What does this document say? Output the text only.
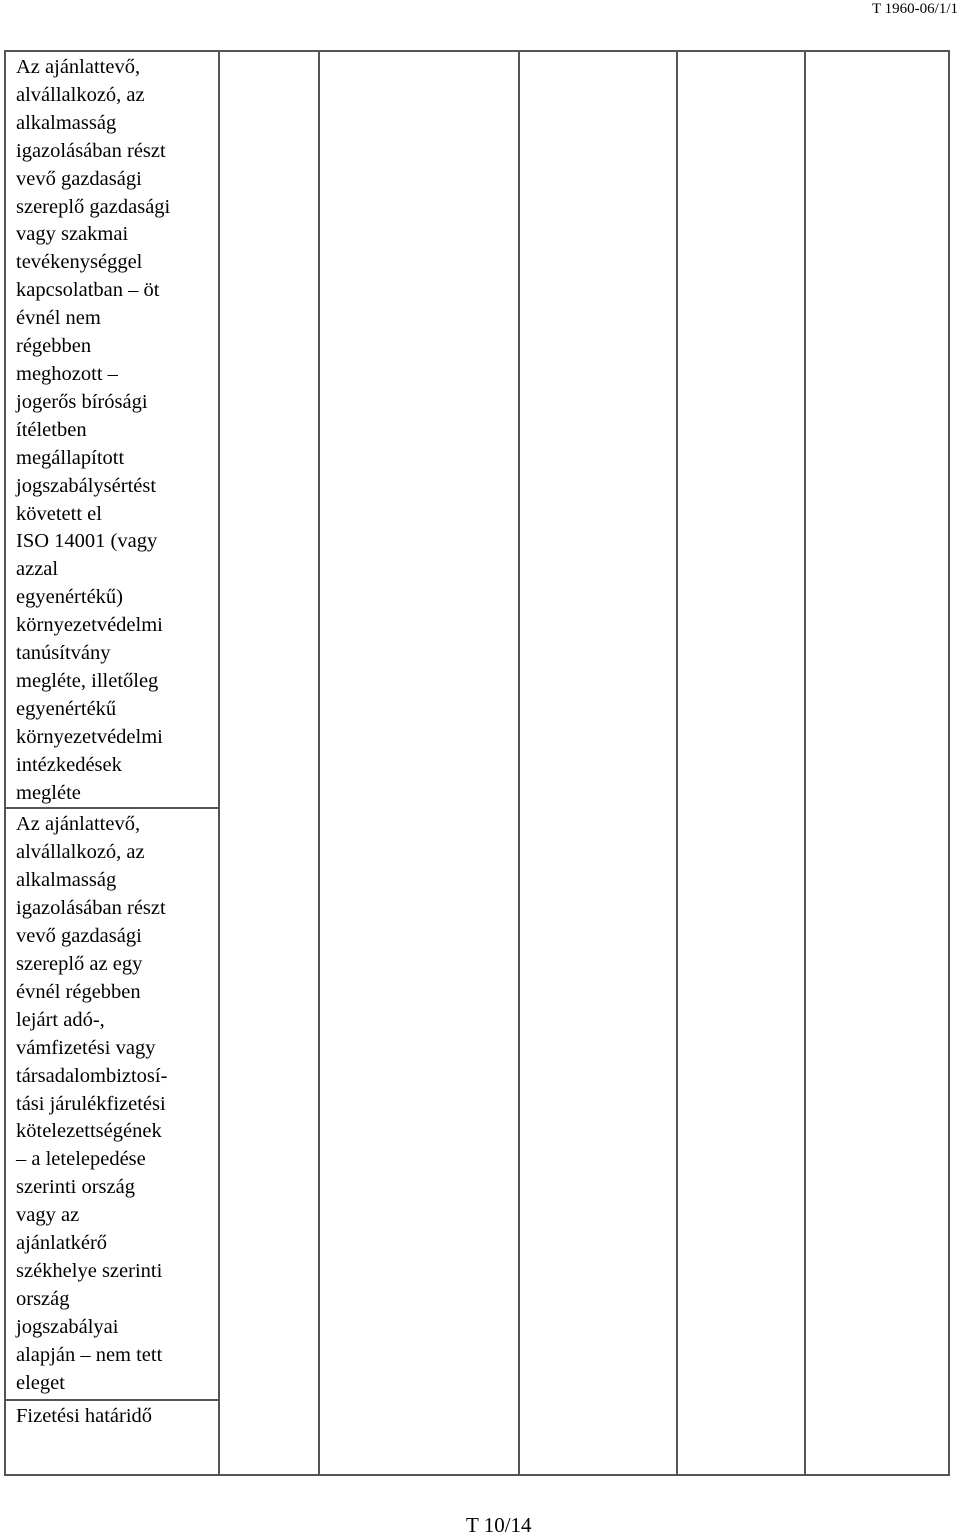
T 1960-06/1/1
Az ajánlattevő,
alvállalkozó, az
alkalmasság
igazolásában részt
vevő gazdasági
szereplő gazdasági
vagy szakmai
tevékenységgel
kapcsolatban – öt
évnél nem
régebben
meghozott –
jogerős bírósági
ítéletben
megállapított
jogszabálysértést
követett el
ISO 14001 (vagy
azzal
egyenértékű)
környezetvédelmi
tanúsítvány
megléte, illetőleg
egyenértékű
környezetvédelmi
intézkedések
megléte

Az ajánlattevő,
alvállalkozó, az
alkalmasság
igazolásában részt
vevő gazdasági
szereplő az egy
évnél régebben
lejárt adó-,
vámfizetési vagy
társadalombiztosí-
tási járulékfizetési
kötelezettségének
– a letelepedése
szerinti ország
vagy az
ajánlatkérő
székhelye szerinti
ország
jogszabályai
alapján – nem tett
eleget

Fizetési határidő
T 10/14
